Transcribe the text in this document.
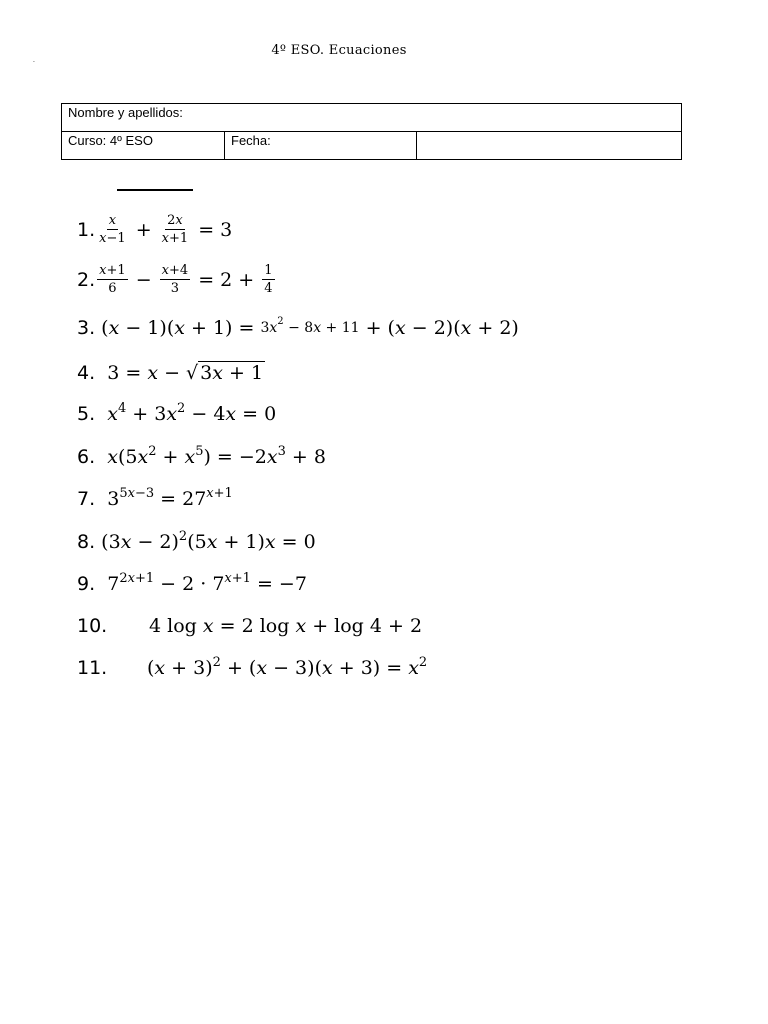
4º ESO. Ecuaciones
.
Nombre y apellidos:
Curso: 4º ESO	Fecha:	
1. $\frac{x}{x-1} + \frac{2x}{x+1} = 3$
2. $\frac{x+1}{6} - \frac{x+4}{3} = 2 + \frac{1}{4}$
3. $(x - 1)(x + 1) = 3x^2 - 8x + 11 + (x - 2)(x + 2)$
4. 3 = x − √ 3x + 1
5. $x^4 + 3x^2 - 4x = 0$
6. $x(5x^2 + x^5) = -2x^3 + 8$
7. $3^{5x-3} = 27^{x+1}$
8. $(3x - 2)^2(5x + 1)x = 0$
9. $7^{2x+1} - 2 \cdot 7^{x+1} = -7$
10.	4 log x = 2 log x + log 4 + 2
11.	$(x + 3)^2 + (x - 3)(x + 3) = x^2$
